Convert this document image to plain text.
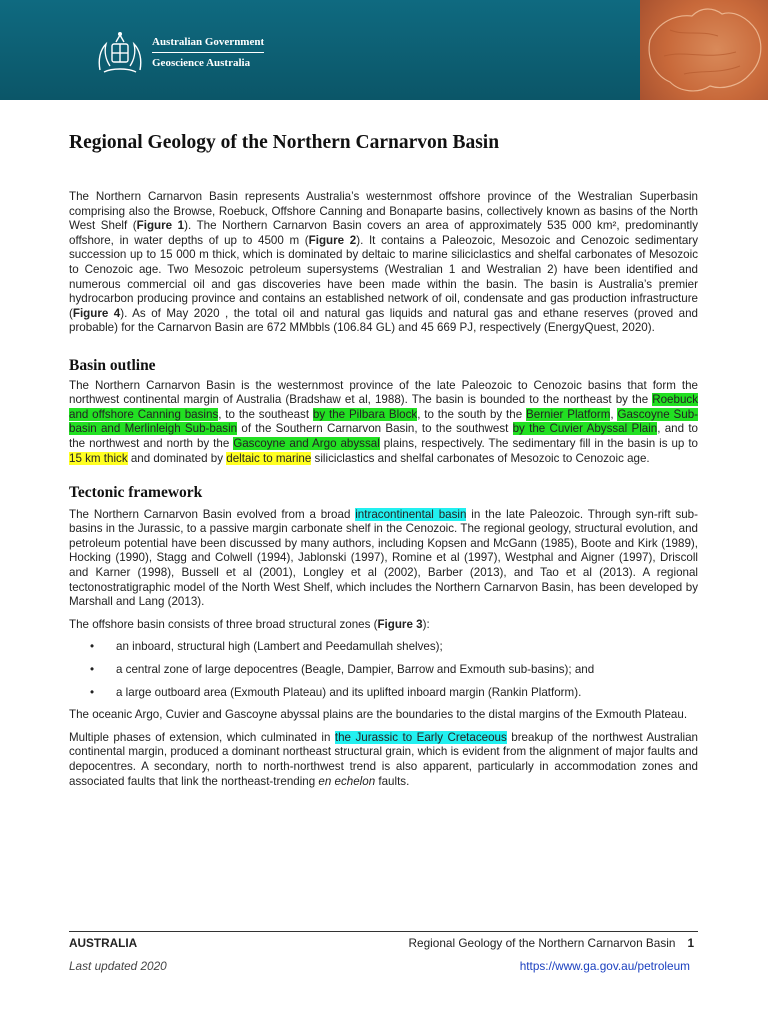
Australian Government
Geoscience Australia
Regional Geology of the Northern Carnarvon Basin

The Northern Carnarvon Basin represents Australia’s westernmost offshore province of the Westralian Superbasin comprising also the Browse, Roebuck, Offshore Canning and Bonaparte basins, collectively known as basins of the North West Shelf (Figure 1). The Northern Carnarvon Basin covers an area of approximately 535 000 km², predominantly offshore, in water depths of up to 4500 m (Figure 2). It contains a Paleozoic, Mesozoic and Cenozoic sedimentary succession up to 15 000 m thick, which is dominated by deltaic to marine siliciclastics and shelfal carbonates of Mesozoic to Cenozoic age. Two Mesozoic petroleum supersystems (Westralian 1 and Westralian 2) have been identified and numerous commercial oil and gas discoveries have been made within the basin. The basin is Australia’s premier hydrocarbon producing province and contains an established network of oil, condensate and gas production infrastructure (Figure 4). As of May 2020 , the total oil and natural gas liquids and natural gas and ethane reserves (proved and probable) for the Carnarvon Basin are 672 MMbbls (106.84 GL) and 45 669 PJ, respectively (EnergyQuest, 2020).

Basin outline

The Northern Carnarvon Basin is the westernmost province of the late Paleozoic to Cenozoic basins that form the northwest continental margin of Australia (Bradshaw et al, 1988). The basin is bounded to the northeast by the Roebuck and offshore Canning basins, to the southeast by the Pilbara Block, to the south by the Bernier Platform, Gascoyne Sub-basin and Merlinleigh Sub-basin of the Southern Carnarvon Basin, to the southwest by the Cuvier Abyssal Plain, and to the northwest and north by the Gascoyne and Argo abyssal plains, respectively. The sedimentary fill in the basin is up to 15 km thick and dominated by deltaic to marine siliciclastics and shelfal carbonates of Mesozoic to Cenozoic age.

Tectonic framework

The Northern Carnarvon Basin evolved from a broad intracontinental basin in the late Paleozoic. Through syn-rift sub-basins in the Jurassic, to a passive margin carbonate shelf in the Cenozoic. The regional geology, structural evolution, and petroleum potential have been discussed by many authors, including Kopsen and McGann (1985), Boote and Kirk (1989), Hocking (1990), Stagg and Colwell (1994), Jablonski (1997), Romine et al (1997), Westphal and Aigner (1997), Driscoll and Karner (1998), Bussell et al (2001), Longley et al (2002), Barber (2013), and Tao et al (2013). A regional tectonostratigraphic model of the North West Shelf, which includes the Northern Carnarvon Basin, has been developed by Marshall and Lang (2013).

The offshore basin consists of three broad structural zones (Figure 3):

• an inboard, structural high (Lambert and Peedamullah shelves);
• a central zone of large depocentres (Beagle, Dampier, Barrow and Exmouth sub-basins); and
• a large outboard area (Exmouth Plateau) and its uplifted inboard margin (Rankin Platform).

The oceanic Argo, Cuvier and Gascoyne abyssal plains are the boundaries to the distal margins of the Exmouth Plateau.

Multiple phases of extension, which culminated in the Jurassic to Early Cretaceous breakup of the northwest Australian continental margin, produced a dominant northeast structural grain, which is evident from the alignment of major faults and depocentres. A secondary, north to north-northwest trend is also apparent, particularly in accommodation zones and associated faults that link the northeast-trending en echelon faults.

AUSTRALIA	Regional Geology of the Northern Carnarvon Basin 1
Last updated 2020	https://www.ga.gov.au/petroleum
